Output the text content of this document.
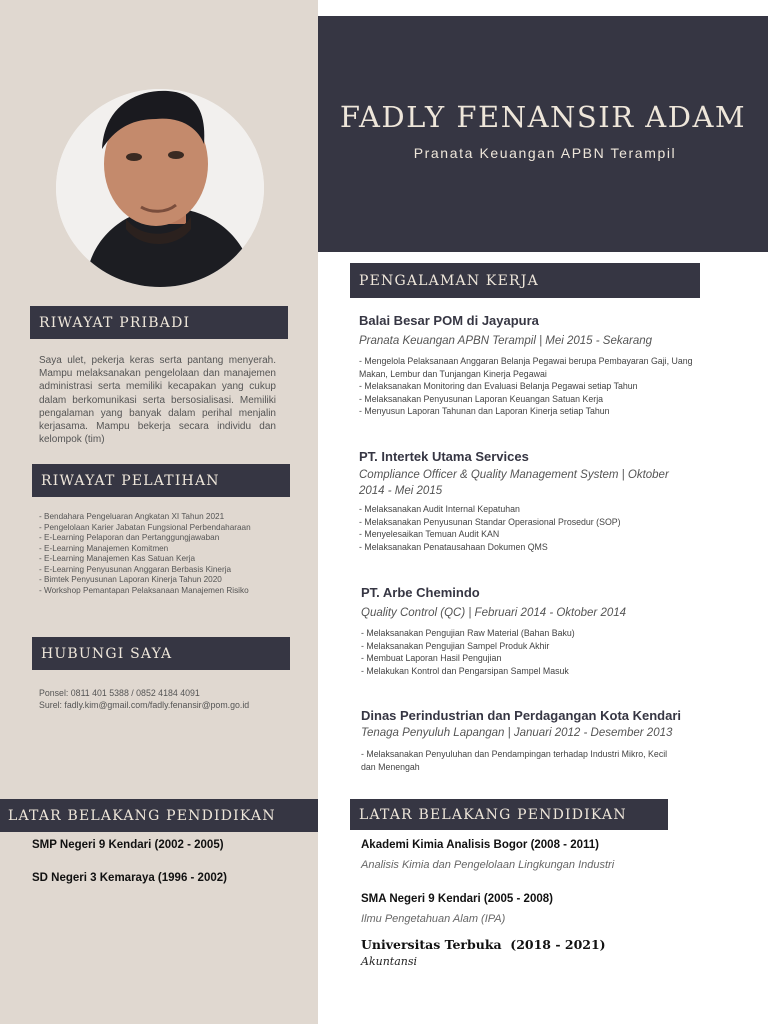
FADLY FENANSIR ADAM
Pranata Keuangan APBN Terampil
RIWAYAT PRIBADI
Saya ulet, pekerja keras serta pantang menyerah. Mampu melaksanakan pengelolaan dan manajemen administrasi serta memiliki kecapakan yang cukup dalam berkomunikasi serta bersosialisasi. Memiliki pengalaman yang banyak dalam perihal menjalin kerjasama. Mampu bekerja secara individu dan kelompok (tim)
RIWAYAT PELATIHAN
- Bendahara Pengeluaran Angkatan XI Tahun 2021
- Pengelolaan Karier Jabatan Fungsional Perbendaharaan
- E-Learning Pelaporan dan Pertanggungjawaban
- E-Learning Manajemen Komitmen
- E-Learning Manajemen Kas Satuan Kerja
- E-Learning Penyusunan Anggaran Berbasis Kinerja
- Bimtek Penyusunan Laporan Kinerja Tahun 2020
- Workshop Pemantapan Pelaksanaan Manajemen Risiko
HUBUNGI SAYA
Ponsel: 0811 401 5388 / 0852 4184 4091
Surel: fadly.kim@gmail.com/fadly.fenansir@pom.go.id
LATAR BELAKANG PENDIDIKAN
SMP Negeri 9 Kendari (2002 - 2005)
SD Negeri 3 Kemaraya (1996 - 2002)
PENGALAMAN KERJA
Balai Besar POM di Jayapura
Pranata Keuangan APBN Terampil | Mei 2015 - Sekarang
- Mengelola Pelaksanaan Anggaran Belanja Pegawai berupa Pembayaran Gaji, Uang Makan, Lembur dan Tunjangan Kinerja Pegawai
- Melaksanakan Monitoring dan Evaluasi Belanja Pegawai setiap Tahun
- Melaksanakan Penyusunan Laporan Keuangan Satuan Kerja
- Menyusun Laporan Tahunan dan Laporan Kinerja setiap Tahun
PT. Intertek Utama Services
Compliance Officer & Quality Management System | Oktober 2014 - Mei 2015
- Melaksanakan Audit Internal Kepatuhan
- Melaksanakan Penyusunan Standar Operasional Prosedur (SOP)
- Menyelesaikan Temuan Audit KAN
- Melaksanakan Penatausahaan Dokumen QMS
PT. Arbe Chemindo
Quality Control (QC) | Februari 2014 - Oktober 2014
- Melaksanakan Pengujian Raw Material (Bahan Baku)
- Melaksanakan Pengujian Sampel Produk Akhir
- Membuat Laporan Hasil Pengujian
- Melakukan Kontrol dan Pengarsipan Sampel Masuk
Dinas Perindustrian dan Perdagangan Kota Kendari
Tenaga Penyuluh Lapangan | Januari 2012 - Desember 2013
- Melaksanakan Penyuluhan dan Pendampingan terhadap Industri Mikro, Kecil dan Menengah
LATAR BELAKANG PENDIDIKAN
Akademi Kimia Analisis Bogor (2008 - 2011)
Analisis Kimia dan Pengelolaan Lingkungan Industri
SMA Negeri 9 Kendari (2005 - 2008)
Ilmu Pengetahuan Alam (IPA)
Universitas Terbuka  (2018 - 2021)
Akuntansi
